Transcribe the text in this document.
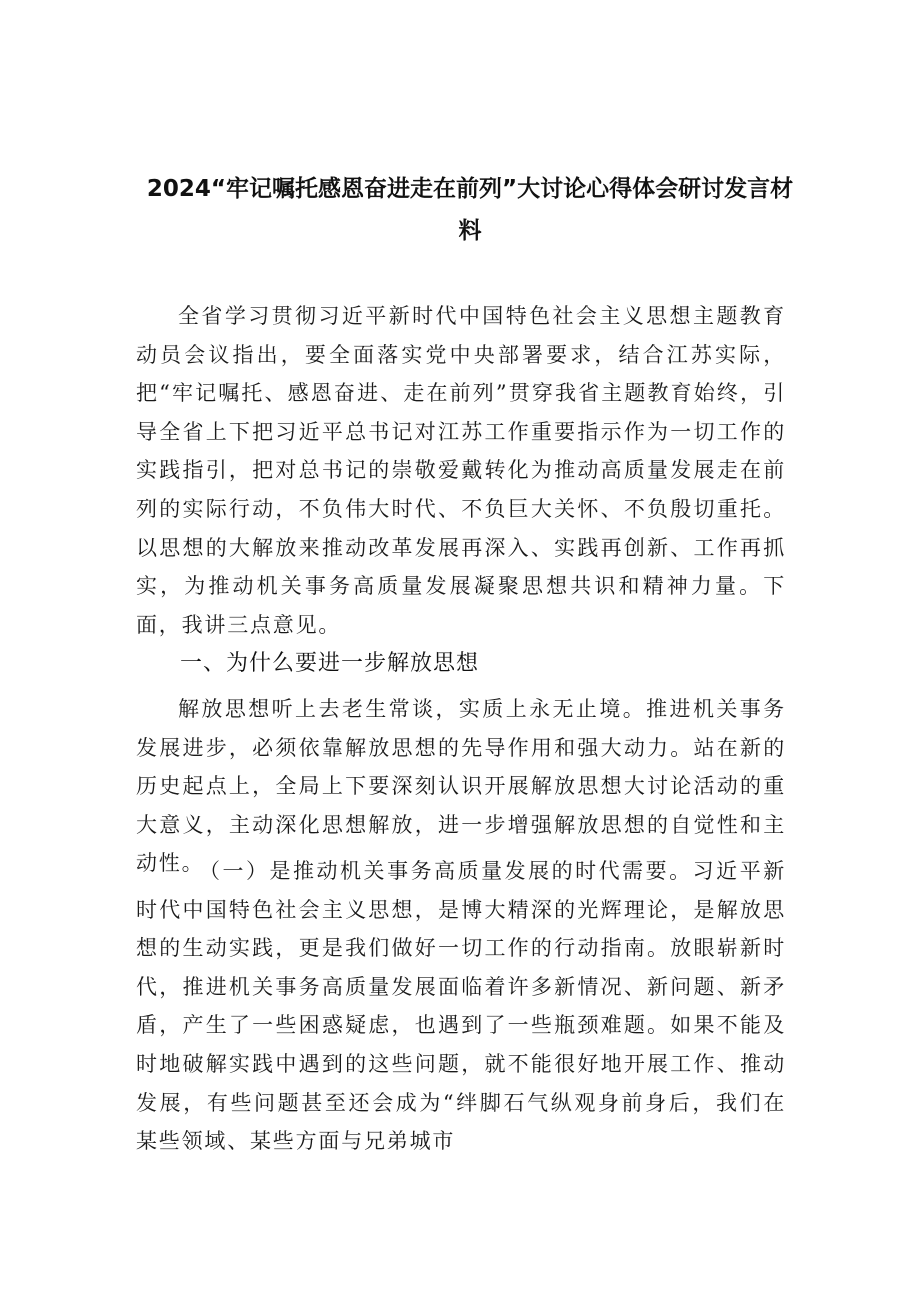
2024“牢记嘱托感恩奋进走在前列”大讨论心得体会研讨发言材料

全省学习贯彻习近平新时代中国特色社会主义思想主题教育动员会议指出，要全面落实党中央部署要求，结合江苏实际，把“牢记嘱托、感恩奋进、走在前列”贯穿我省主题教育始终，引导全省上下把习近平总书记对江苏工作重要指示作为一切工作的实践指引，把对总书记的崇敬爱戴转化为推动高质量发展走在前列的实际行动，不负伟大时代、不负巨大关怀、不负殷切重托。以思想的大解放来推动改革发展再深入、实践再创新、工作再抓实，为推动机关事务高质量发展凝聚思想共识和精神力量。下面，我讲三点意见。

一、为什么要进一步解放思想

解放思想听上去老生常谈，实质上永无止境。推进机关事务发展进步，必须依靠解放思想的先导作用和强大动力。站在新的历史起点上，全局上下要深刻认识开展解放思想大讨论活动的重大意义，主动深化思想解放，进一步增强解放思想的自觉性和主动性。

（一）是推动机关事务高质量发展的时代需要。习近平新时代中国特色社会主义思想，是博大精深的光辉理论，是解放思想的生动实践，更是我们做好一切工作的行动指南。放眼崭新时代，推进机关事务高质量发展面临着许多新情况、新问题、新矛盾，产生了一些困惑疑虑，也遇到了一些瓶颈难题。如果不能及时地破解实践中遇到的这些问题，就不能很好地开展工作、推动发展，有些问题甚至还会成为“绊脚石气纵观身前身后，我们在某些领域、某些方面与兄弟城市
